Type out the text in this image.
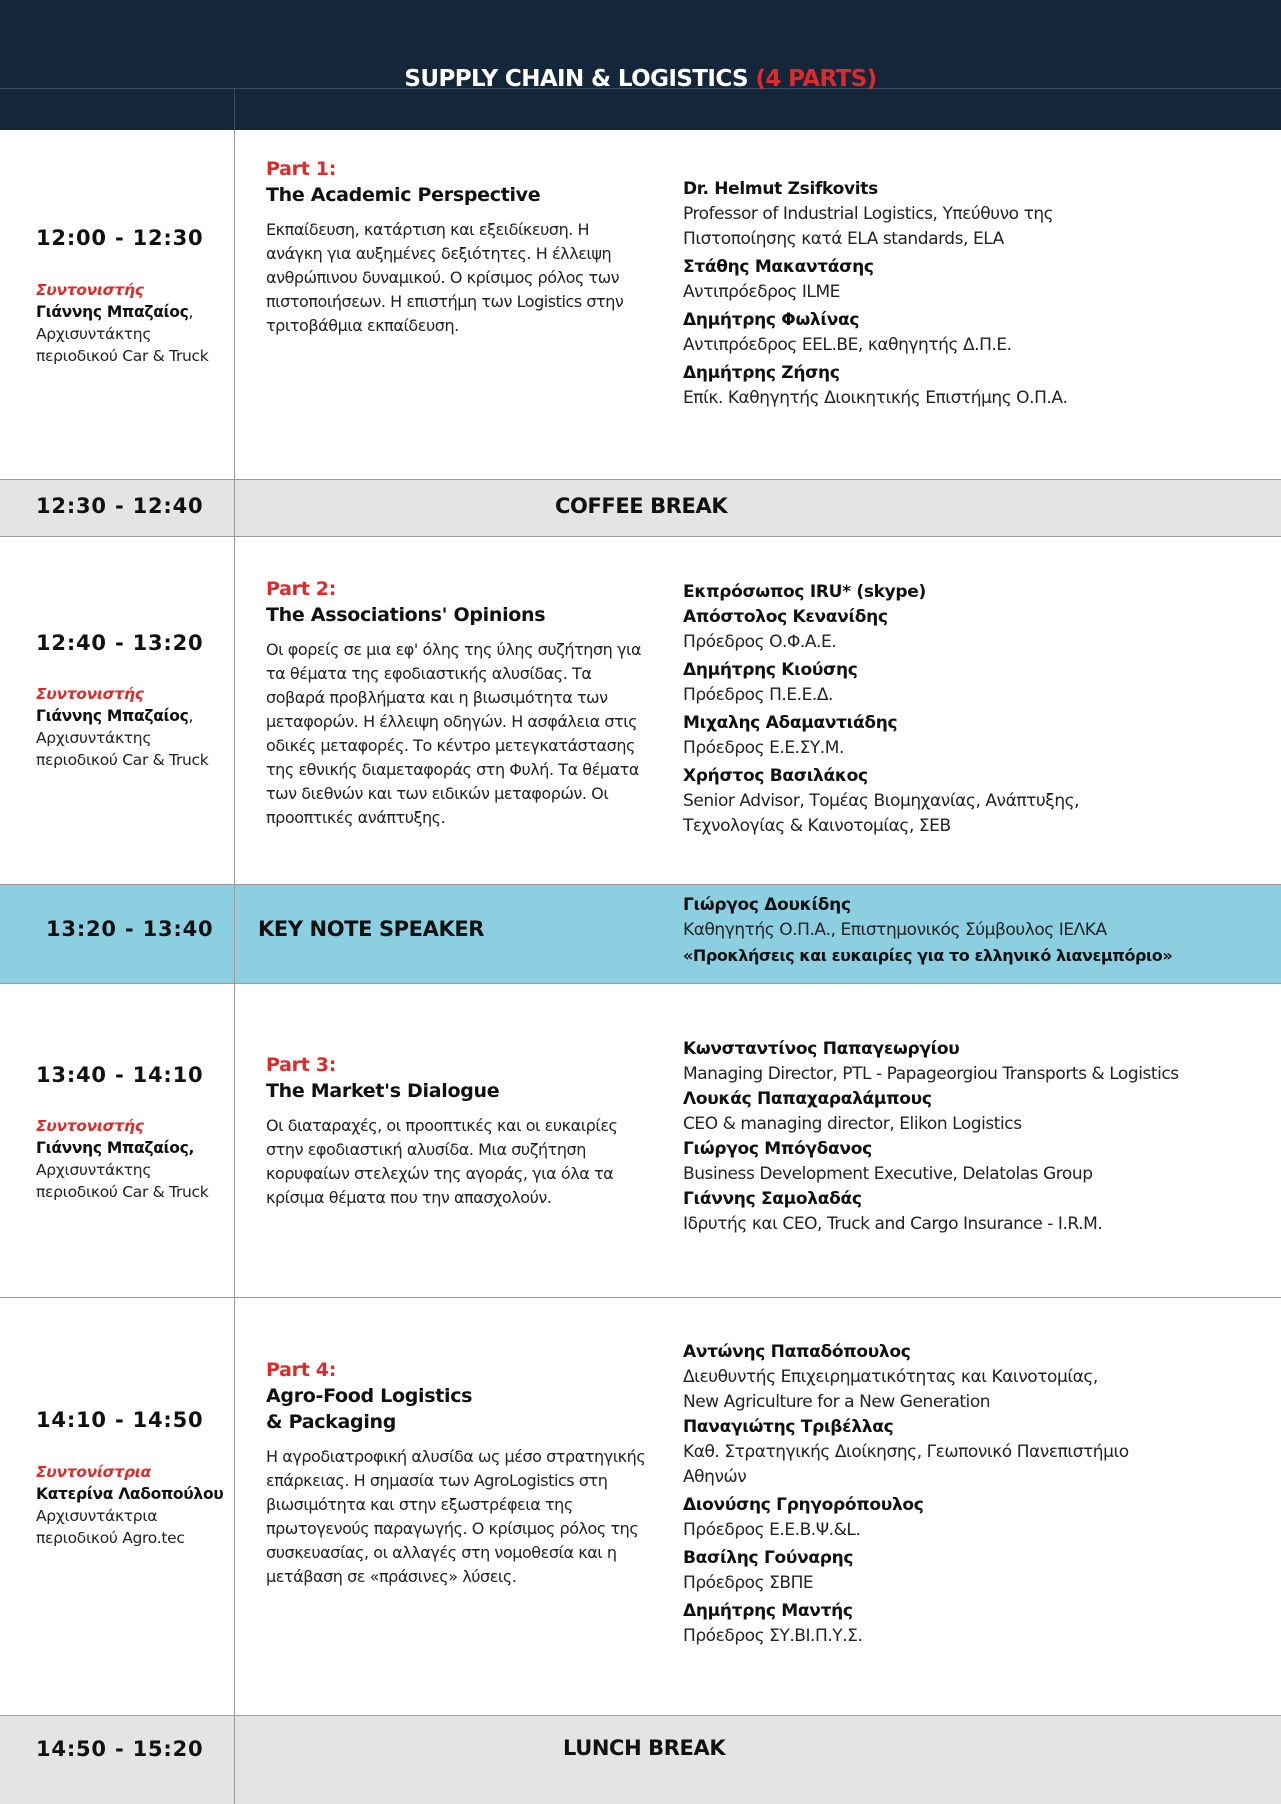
SUPPLY CHAIN & LOGISTICS (4 PARTS)
12:00 - 12:30
Συντονιστής
Γιάννης Μπαζαίος,
Αρχισυντάκτης
περιοδικού Car & Truck
Part 1:
The Academic Perspective
Εκπαίδευση, κατάρτιση και εξειδίκευση. Η ανάγκη για αυξημένες δεξιότητες. Η έλλειψη ανθρώπινου δυναμικού. Ο κρίσιμος ρόλος των πιστοποιήσεων. Η επιστήμη των Logistics στην τριτοβάθμια εκπαίδευση.
Dr. Helmut Zsifkovits
Professor of Industrial Logistics, Υπεύθυνο της Πιστοποίησης κατά ELA standards, ELA
Στάθης Μακαντάσης
Αντιπρόεδρος ILME
Δημήτρης Φωλίνας
Αντιπρόεδρος EEL.BE, καθηγητής Δ.Π.Ε.
Δημήτρης Ζήσης
Επίκ. Καθηγητής Διοικητικής Επιστήμης Ο.Π.Α.
12:30 - 12:40	COFFEE BREAK
12:40 - 13:20
Συντονιστής
Γιάννης Μπαζαίος,
Αρχισυντάκτης
περιοδικού Car & Truck
Part 2:
The Associations' Opinions
Οι φορείς σε μια εφ' όλης της ύλης συζήτηση για τα θέματα της εφοδιαστικής αλυσίδας. Τα σοβαρά προβλήματα και η βιωσιμότητα των μεταφορών. Η έλλειψη οδηγών. Η ασφάλεια στις οδικές μεταφορές. Το κέντρο μετεγκατάστασης της εθνικής διαμεταφοράς στη Φυλή. Τα θέματα των διεθνών και των ειδικών μεταφορών. Οι προοπτικές ανάπτυξης.
Εκπρόσωπος IRU* (skype)
Απόστολος Κενανίδης
Πρόεδρος Ο.Φ.Α.Ε.
Δημήτρης Κιούσης
Πρόεδρος Π.Ε.Ε.Δ.
Μιχαλης Αδαμαντιάδης
Πρόεδρος Ε.Ε.ΣΥ.Μ.
Χρήστος Βασιλάκος
Senior Advisor, Τομέας Βιομηχανίας, Ανάπτυξης, Τεχνολογίας & Καινοτομίας, ΣΕΒ
13:20 - 13:40 KEY NOTE SPEAKER
Γιώργος Δουκίδης
Καθηγητής Ο.Π.Α., Επιστημονικός Σύμβουλος ΙΕΛΚΑ
«Προκλήσεις και ευκαιρίες για το ελληνικό λιανεμπόριο»
13:40 - 14:10
Συντονιστής
Γιάννης Μπαζαίος,
Αρχισυντάκτης
περιοδικού Car & Truck
Part 3:
The Market's Dialogue
Οι διαταραχές, οι προοπτικές και οι ευκαιρίες στην εφοδιαστική αλυσίδα. Μια συζήτηση κορυφαίων στελεχών της αγοράς, για όλα τα κρίσιμα θέματα που την απασχολούν.
Κωνσταντίνος Παπαγεωργίου
Managing Director, PTL - Papageorgiou Transports & Logistics
Λουκάς Παπαχαραλάμπους
CEO & managing director, Elikon Logistics
Γιώργος Μπόγδανος
Business Development Executive, Delatolas Group
Γιάννης Σαμολαδάς
Ιδρυτής και CEO, Truck and Cargo Insurance - I.R.M.
14:10 - 14:50
Συντονίστρια
Κατερίνα Λαδοπούλου
Αρχισυντάκτρια
περιοδικού Agro.tec
Part 4:
Agro-Food Logistics
& Packaging
Η αγροδιατροφική αλυσίδα ως μέσο στρατηγικής επάρκειας. Η σημασία των AgroLogistics στη βιωσιμότητα και στην εξωστρέφεια της πρωτογενούς παραγωγής. Ο κρίσιμος ρόλος της συσκευασίας, οι αλλαγές στη νομοθεσία και η μετάβαση σε «πράσινες» λύσεις.
Αντώνης Παπαδόπουλος
Διευθυντής Επιχειρηματικότητας και Καινοτομίας, New Agriculture for a New Generation
Παναγιώτης Τριβέλλας
Καθ. Στρατηγικής Διοίκησης, Γεωπονικό Πανεπιστήμιο Αθηνών
Διονύσης Γρηγορόπουλος
Πρόεδρος Ε.Ε.Β.Ψ.&L.
Βασίλης Γούναρης
Πρόεδρος ΣΒΠΕ
Δημήτρης Μαντής
Πρόεδρος ΣΥ.ΒΙ.Π.Υ.Σ.
14:50 - 15:20	LUNCH BREAK
